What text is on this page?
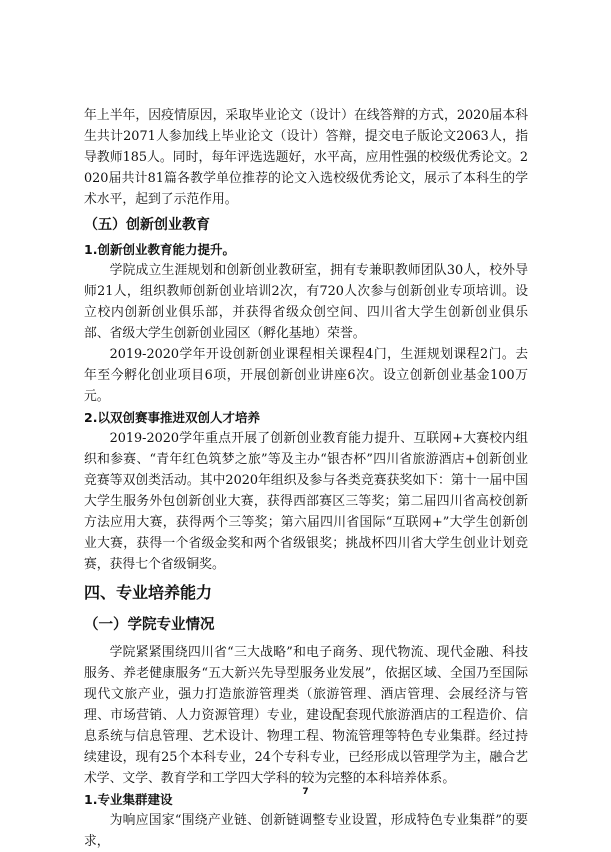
年上半年，因疫情原因，采取毕业论文（设计）在线答辩的方式，2020届本科生共计2071人参加线上毕业论文（设计）答辩，提交电子版论文2063人，指导教师185人。同时，每年评选选题好，水平高，应用性强的校级优秀论文。2020届共计81篇各教学单位推荐的论文入选校级优秀论文，展示了本科生的学术水平，起到了示范作用。

（五）创新创业教育
1.创新创业教育能力提升。

学院成立生涯规划和创新创业教研室，拥有专兼职教师团队30人，校外导师21人，组织教师创新创业培训2次，有720人次参与创新创业专项培训。设立校内创新创业俱乐部，并获得省级众创空间、四川省大学生创新创业俱乐部、省级大学生创新创业园区（孵化基地）荣誉。

2019-2020学年开设创新创业课程相关课程4门，生涯规划课程2门。去年至今孵化创业项目6项，开展创新创业讲座6次。设立创新创业基金100万元。

2.以双创赛事推进双创人才培养

2019-2020学年重点开展了创新创业教育能力提升、互联网+大赛校内组织和参赛、“青年红色筑梦之旅”等及主办“银杏杯”四川省旅游酒店+创新创业竞赛等双创类活动。其中2020年组织及参与各类竞赛获奖如下：第十一届中国大学生服务外包创新创业大赛，获得西部赛区三等奖；第二届四川省高校创新方法应用大赛，获得两个三等奖；第六届四川省国际“互联网+”大学生创新创业大赛，获得一个省级金奖和两个省级银奖；挑战杯四川省大学生创业计划竞赛，获得七个省级铜奖。

四、专业培养能力
（一）学院专业情况

学院紧紧围绕四川省“三大战略”和电子商务、现代物流、现代金融、科技服务、养老健康服务“五大新兴先导型服务业发展”，依据区域、全国乃至国际现代文旅产业，强力打造旅游管理类（旅游管理、酒店管理、会展经济与管理、市场营销、人力资源管理）专业，建设配套现代旅游酒店的工程造价、信息系统与信息管理、艺术设计、物理工程、物流管理等特色专业集群。经过持续建设，现有25个本科专业，24个专科专业，已经形成以管理学为主，融合艺术学、文学、教育学和工学四大学科的较为完整的本科培养体系。

1.专业集群建设

为响应国家“围绕产业链、创新链调整专业设置，形成特色专业集群”的要求，

7
